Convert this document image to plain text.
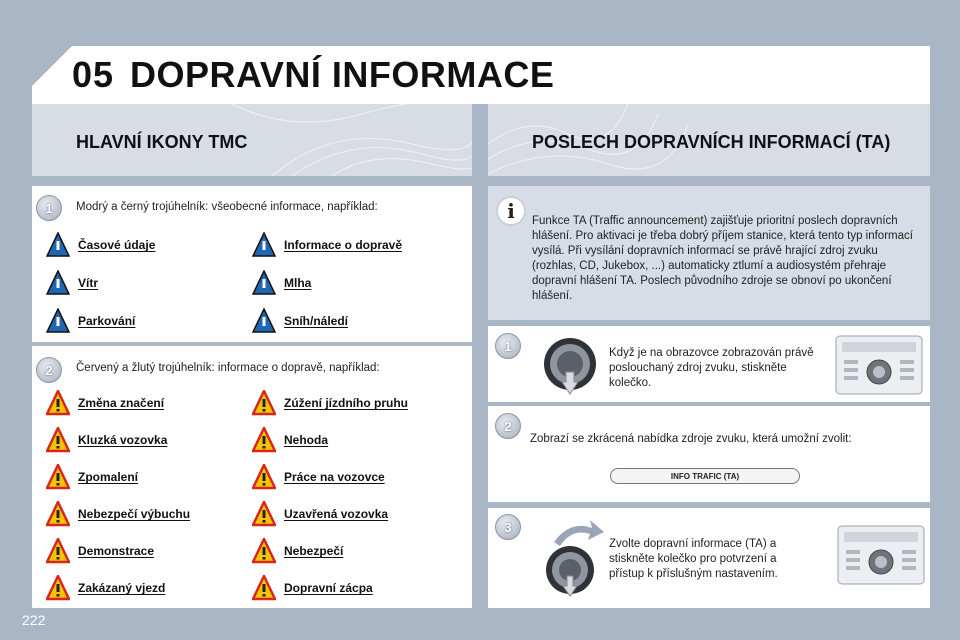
05 DOPRAVNÍ INFORMACE
HLAVNÍ IKONY TMC	POSLECH DOPRAVNÍCH INFORMACÍ (TA)
1	Modrý a černý trojúhelník: všeobecné informace, například:
Časové údaje	Informace o dopravě
Vítr	Mlha
Parkování	Sníh/náledí
2	Červený a žlutý trojúhelník: informace o dopravě, například:
Změna značení	Zúžení jízdního pruhu
Kluzká vozovka	Nehoda
Zpomalení	Práce na vozovce
Nebezpečí výbuchu	Uzavřená vozovka
Demonstrace	Nebezpečí
Zakázaný vjezd	Dopravní zácpa
i	Funkce TA (Traffic announcement) zajišťuje prioritní poslech dopravních hlášení. Pro aktivaci je třeba dobrý příjem stanice, která tento typ informací vysílá. Při vysílání dopravních informací se právě hrající zdroj zvuku (rozhlas, CD, Jukebox, ...) automaticky ztlumí a audiosystém přehraje dopravní hlášení TA. Poslech původního zdroje se obnoví po ukončení hlášení.
1	Když je na obrazovce zobrazován právě poslouchaný zdroj zvuku, stiskněte kolečko.
2
Zobrazí se zkrácená nabídka zdroje zvuku, která umožní zvolit:
INFO TRAFIC (TA)
3
Zvolte dopravní informace (TA) a stiskněte kolečko pro potvrzení a přístup k příslušným nastavením.
222
